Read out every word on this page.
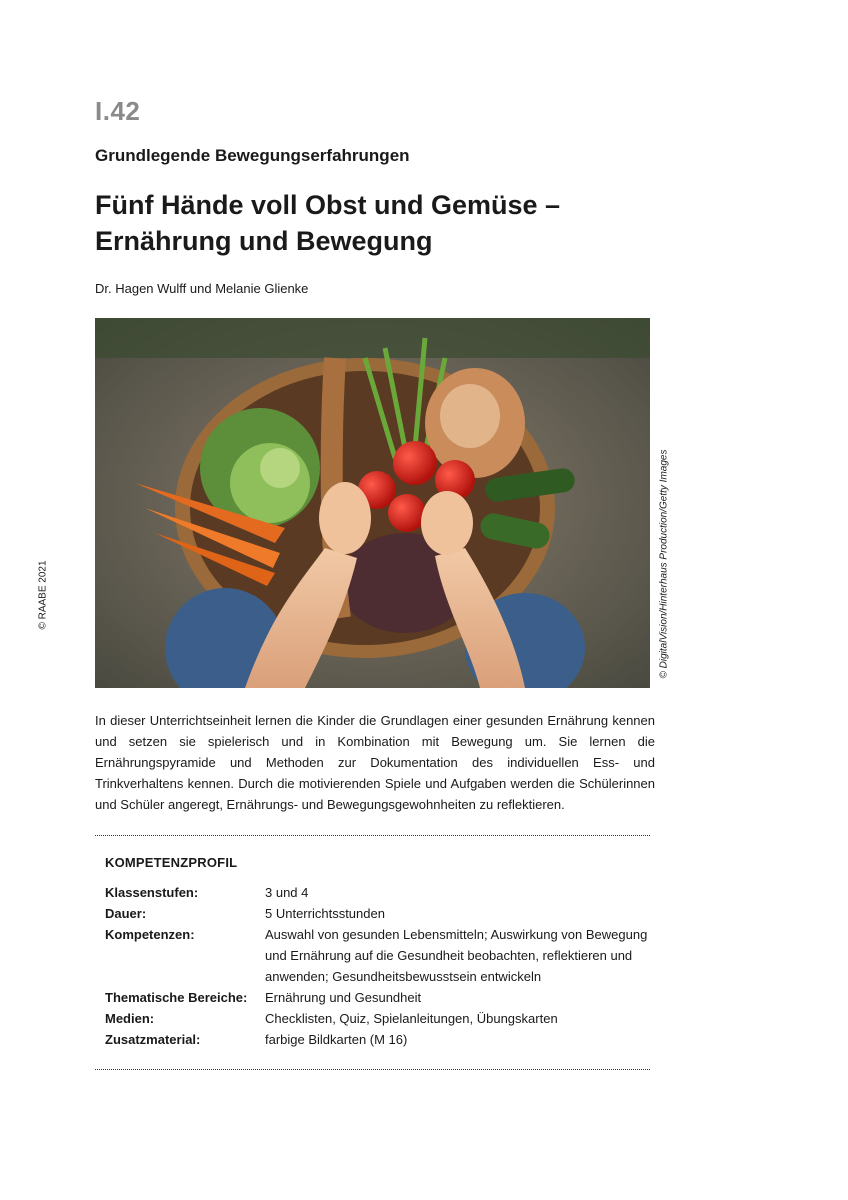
I.42
Grundlegende Bewegungserfahrungen
Fünf Hände voll Obst und Gemüse – Ernährung und Bewegung
Dr. Hagen Wulff und Melanie Glienke
© RAABE 2021	© DigitalVision/Hinterhaus Production/Getty Images
In dieser Unterrichtseinheit lernen die Kinder die Grundlagen einer gesunden Ernährung kennen und setzen sie spielerisch und in Kombination mit Bewegung um. Sie lernen die Ernährungspyramide und Methoden zur Dokumentation des individuellen Ess- und Trinkverhaltens kennen. Durch die motivierenden Spiele und Aufgaben werden die Schülerinnen und Schüler angeregt, Ernährungs- und Bewegungsgewohnheiten zu reflektieren.
KOMPETENZPROFIL
Klassenstufen:	3 und 4
Dauer:	5 Unterrichtsstunden
Kompetenzen:	Auswahl von gesunden Lebensmitteln; Auswirkung von Bewegung und Ernährung auf die Gesundheit beobachten, reflektieren und anwenden; Gesundheitsbewusstsein entwickeln
Thematische Bereiche:	Ernährung und Gesundheit
Medien:	Checklisten, Quiz, Spielanleitungen, Übungskarten
Zusatzmaterial:	farbige Bildkarten (M 16)
